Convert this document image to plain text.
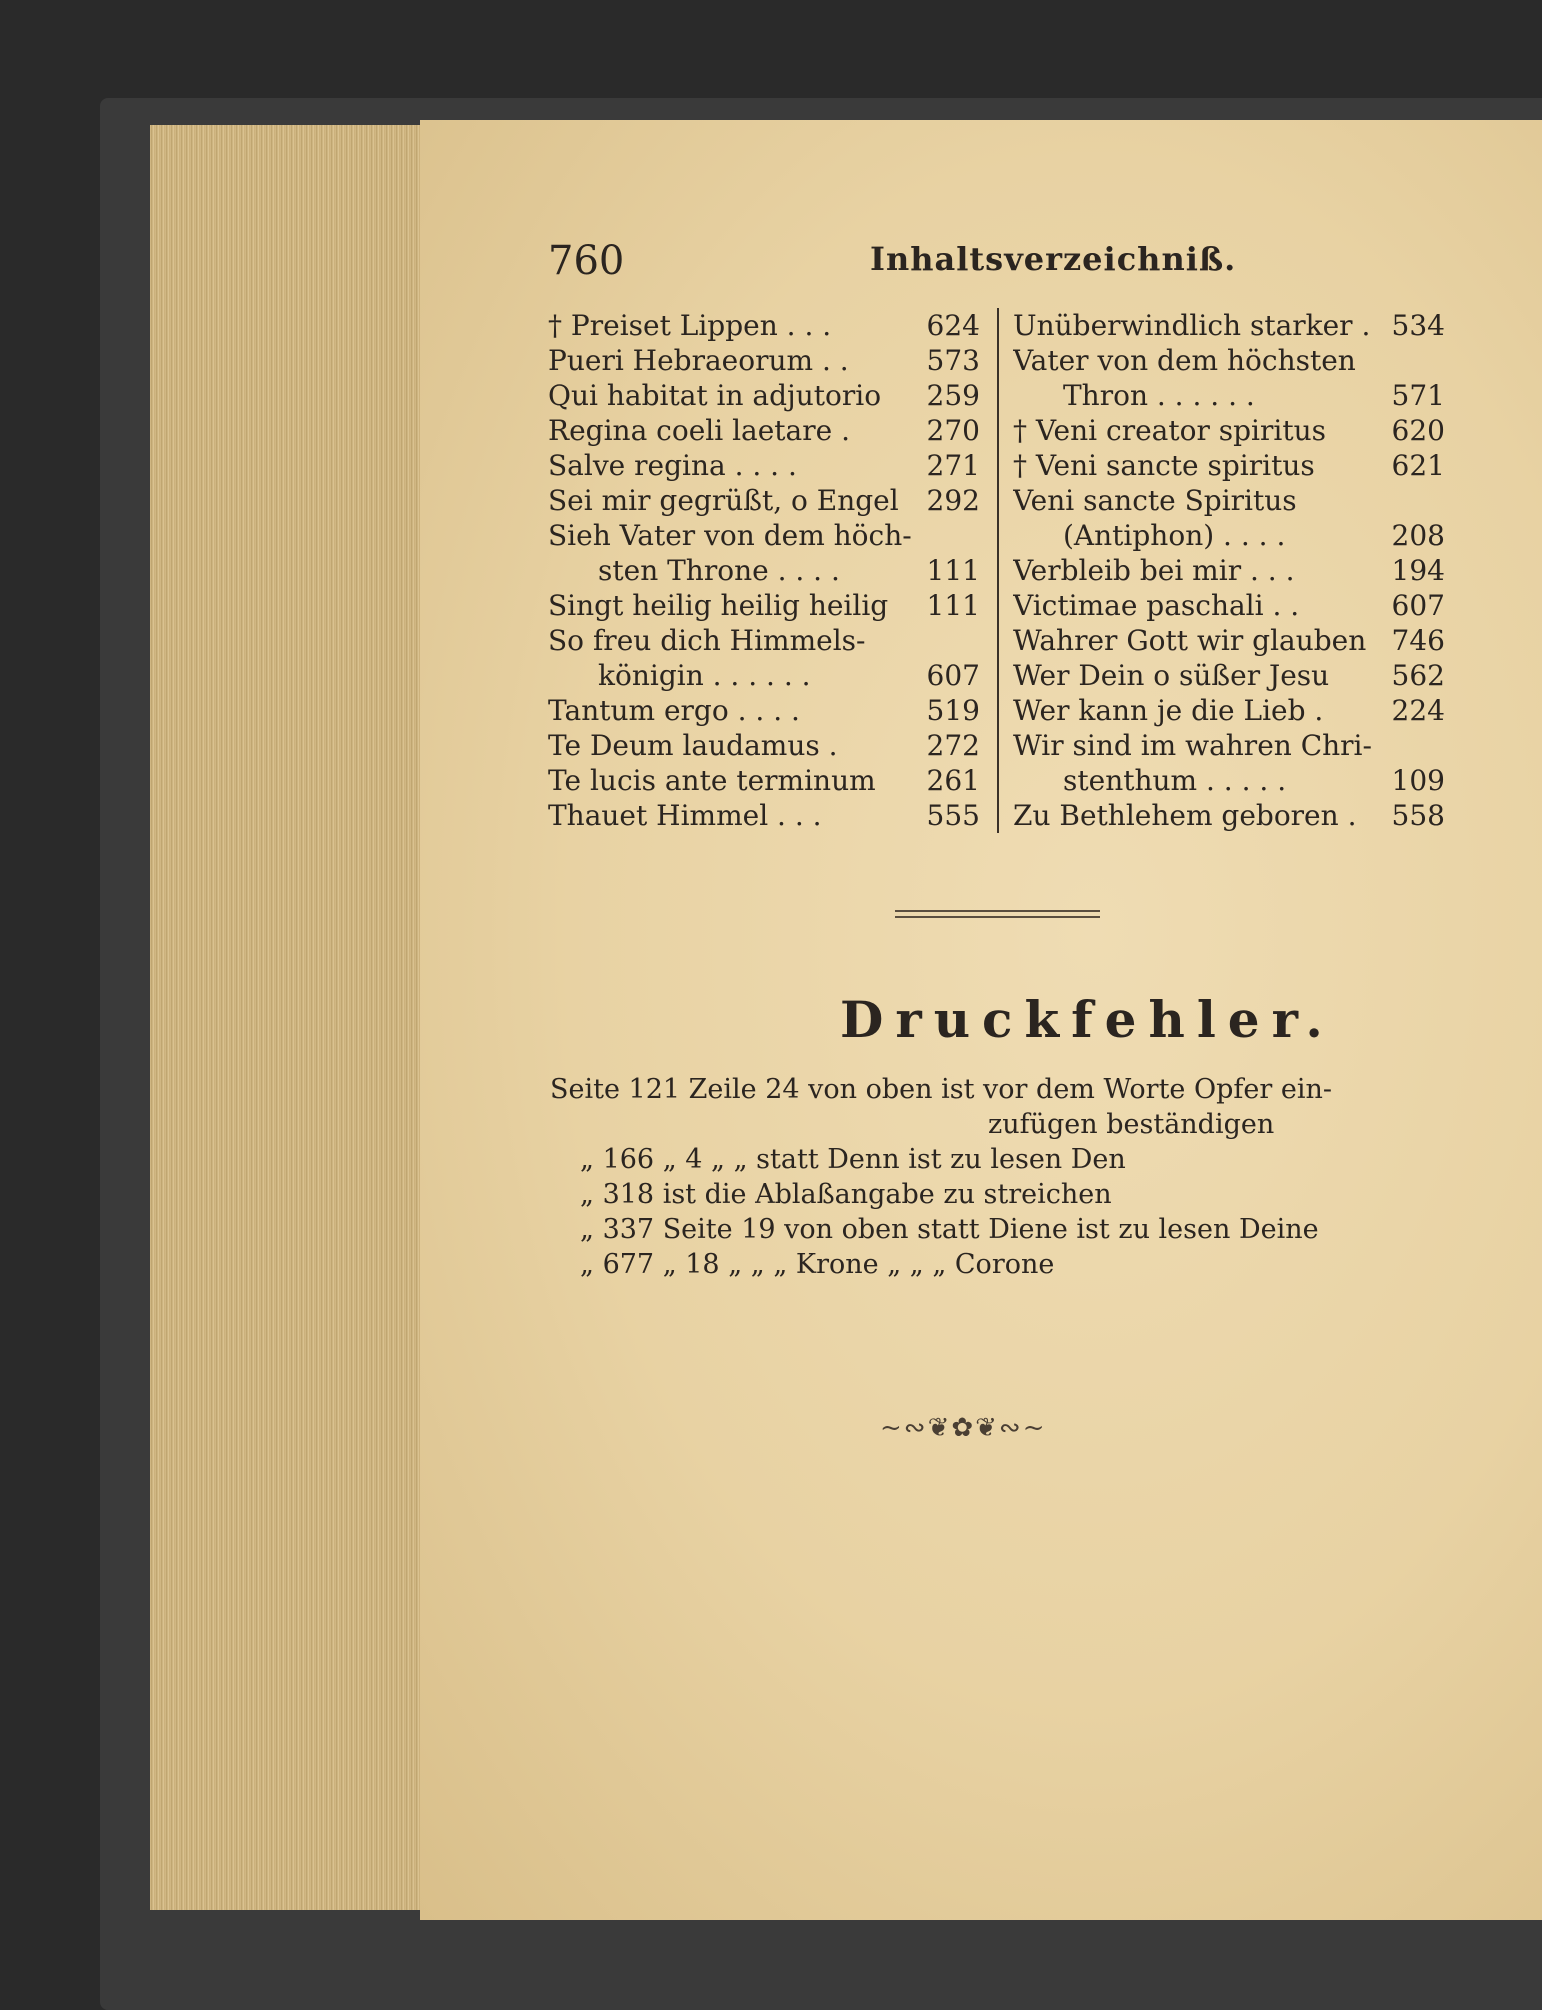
760	Inhaltsverzeichniß.
† Preiset Lippen . . .	624
Pueri Hebraeorum . .	573
Qui habitat in adjutorio 259
Regina coeli laetare .	270
Salve regina . . . .	271
Sei mir gegrüßt, o Engel 292
Sieh Vater von dem höch-
sten Throne . . . .	111
Singt heilig heilig heilig 111
So freu dich Himmels-
königin . . . . . .	607
Tantum ergo . . . .	519
Te Deum laudamus .	272
Te lucis ante terminum 261
Thauet Himmel . . .	555
Unüberwindlich starker . 534
Vater von dem höchsten
Thron . . . . . .	571
† Veni creator spiritus 620
† Veni sancte spiritus	621
Veni sancte Spiritus
(Antiphon) . . . .	208
Verbleib bei mir . . .	194
Victimae paschali . .	607
Wahrer Gott wir glauben 746
Wer Dein o süßer Jesu 562
Wer kann je die Lieb . 224
Wir sind im wahren Chri-
stenthum . . . . .	109
Zu Bethlehem geboren . 558
Druckfehler.
Seite 121 Zeile 24 von oben ist vor dem Worte Opfer ein-
zufügen beständigen
„ 166 „ 4 „ „ statt Denn ist zu lesen Den
„ 318 ist die Ablaßangabe zu streichen
„ 337 Seite 19 von oben statt Diene ist zu lesen Deine
„ 677 „ 18 „ „ „ Krone „ „ „ Corone
~∾❦✿❦∾~
